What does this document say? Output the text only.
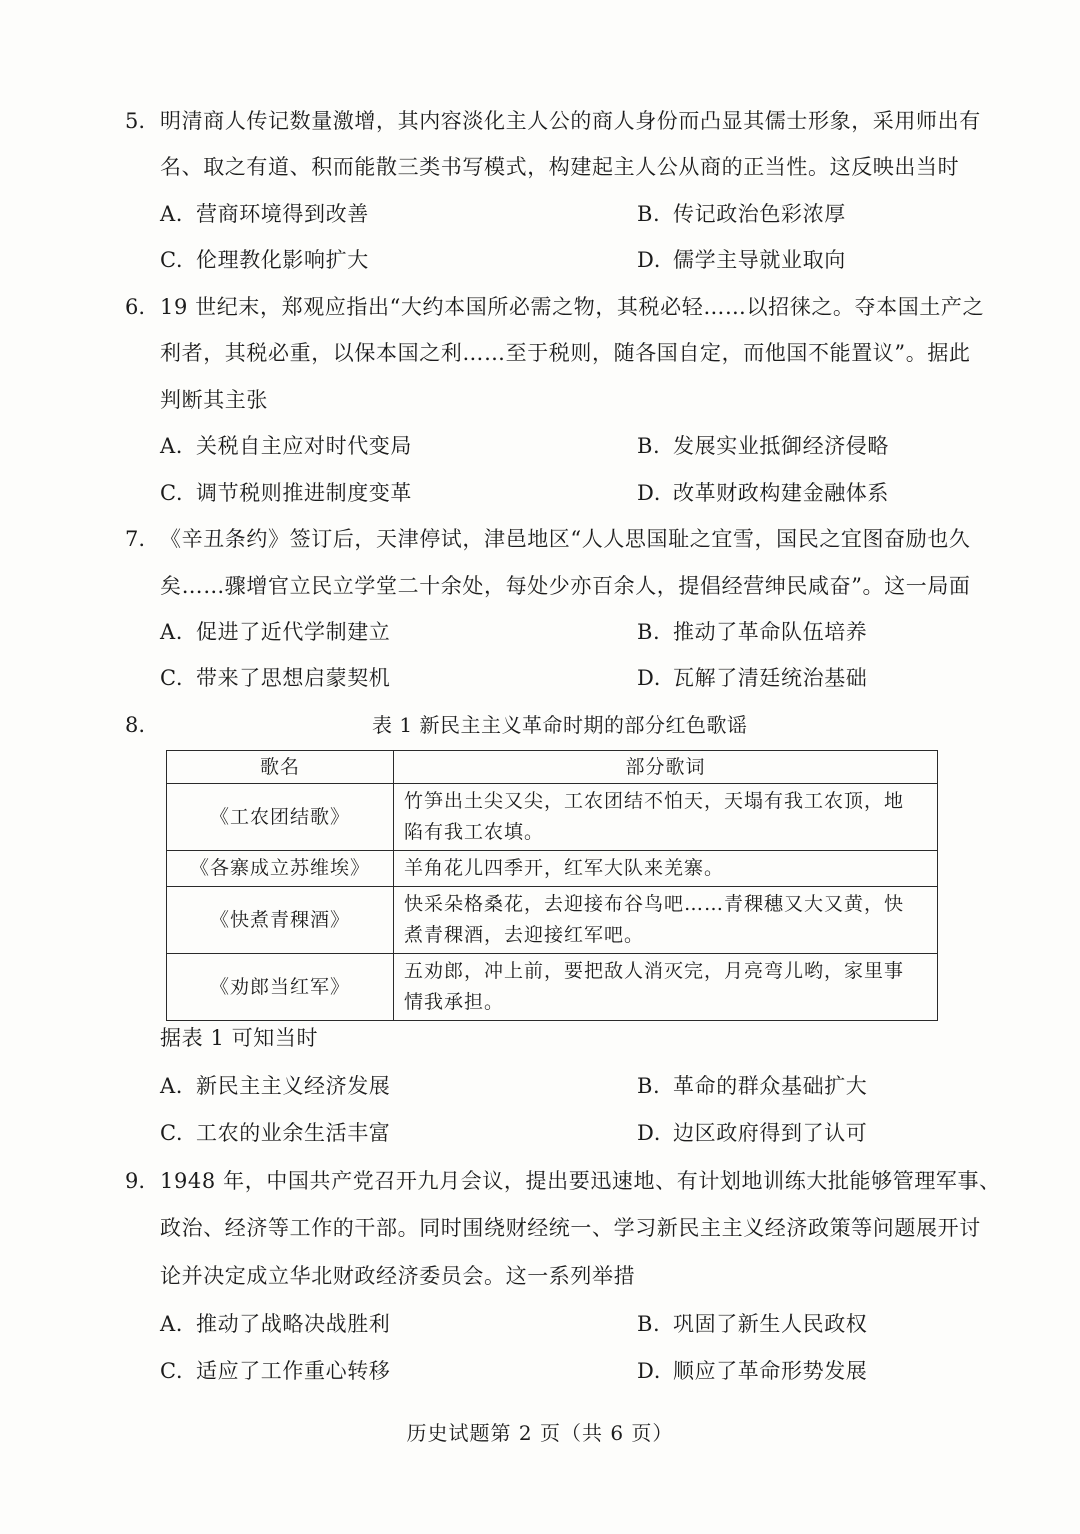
5. 明清商人传记数量激增，其内容淡化主人公的商人身份而凸显其儒士形象，采用师出有
名、取之有道、积而能散三类书写模式，构建起主人公从商的正当性。这反映出当时
A. 营商环境得到改善	B. 传记政治色彩浓厚
C. 伦理教化影响扩大	D. 儒学主导就业取向
6. 19 世纪末，郑观应指出“大约本国所必需之物，其税必轻……以招徕之。夺本国土产之
利者，其税必重，以保本国之利……至于税则，随各国自定，而他国不能置议”。据此
判断其主张
A. 关税自主应对时代变局	B. 发展实业抵御经济侵略
C. 调节税则推进制度变革	D. 改革财政构建金融体系
7. 《辛丑条约》签订后，天津停试，津邑地区“人人思国耻之宜雪，国民之宜图奋励也久
矣……骤增官立民立学堂二十余处，每处少亦百余人，提倡经营绅民咸奋”。这一局面
A. 促进了近代学制建立	B. 推动了革命队伍培养
C. 带来了思想启蒙契机	D. 瓦解了清廷统治基础
8.	表 1 新民主主义革命时期的部分红色歌谣
歌名	部分歌词
《工农团结歌》	竹笋出土尖又尖，工农团结不怕天，天塌有我工农顶，地
陷有我工农填。
《各寨成立苏维埃》	羊角花儿四季开，红军大队来羌寨。
《快煮青稞酒》	快采朵格桑花，去迎接布谷鸟吧……青稞穗又大又黄，快
煮青稞酒，去迎接红军吧。
《劝郎当红军》	五劝郎，冲上前，要把敌人消灭完，月亮弯儿哟，家里事
情我承担。
据表 1 可知当时
A. 新民主主义经济发展	B. 革命的群众基础扩大
C. 工农的业余生活丰富	D. 边区政府得到了认可
9. 1948 年，中国共产党召开九月会议，提出要迅速地、有计划地训练大批能够管理军事、
政治、经济等工作的干部。同时围绕财经统一、学习新民主主义经济政策等问题展开讨
论并决定成立华北财政经济委员会。这一系列举措
A. 推动了战略决战胜利	B. 巩固了新生人民政权
C. 适应了工作重心转移	D. 顺应了革命形势发展
历史试题第 2 页（共 6 页）
